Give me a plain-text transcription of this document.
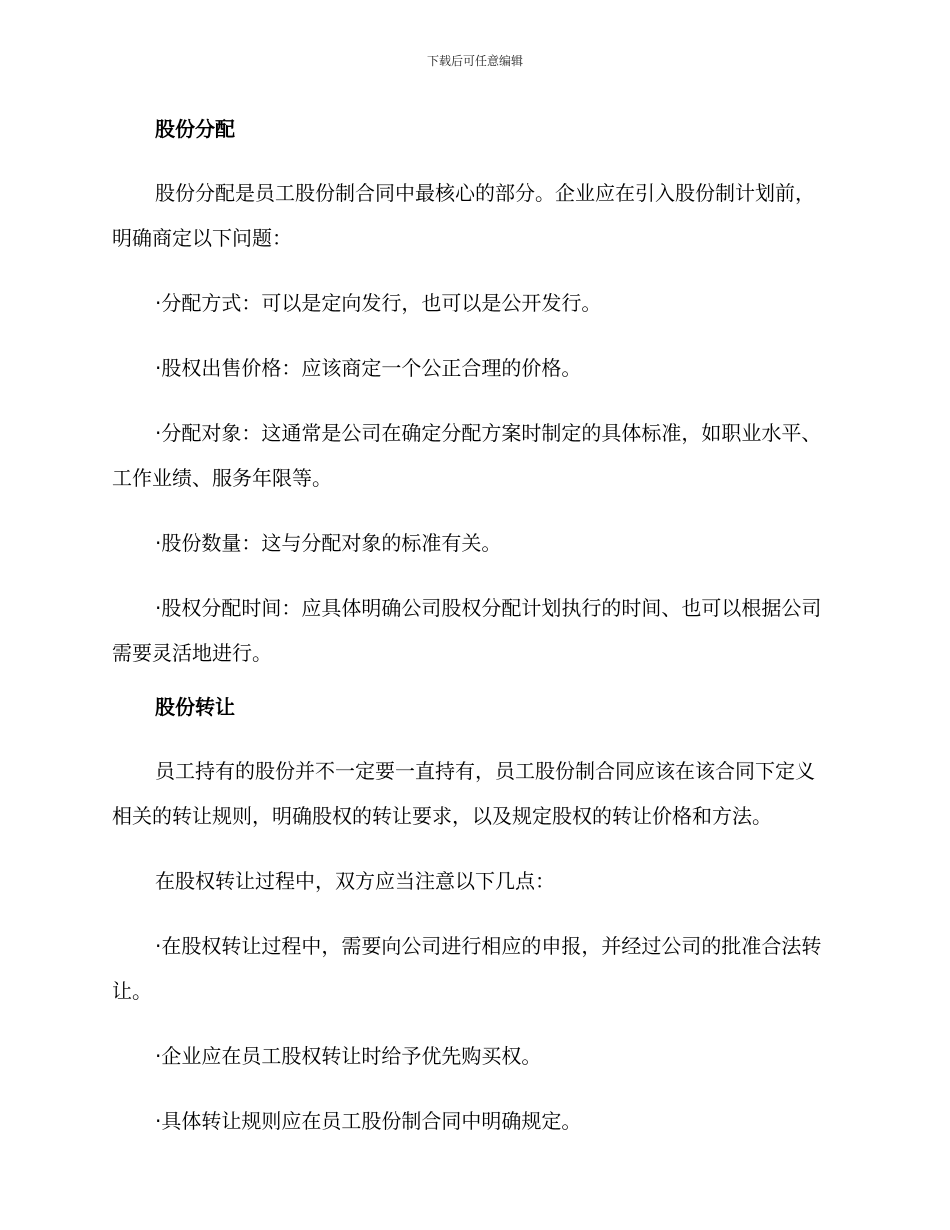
下载后可任意编辑
股份分配

股份分配是员工股份制合同中最核心的部分。企业应在引入股份制计划前，明确商定以下问题：

·分配方式：可以是定向发行，也可以是公开发行。

·股权出售价格：应该商定一个公正合理的价格。

·分配对象：这通常是公司在确定分配方案时制定的具体标准，如职业水平、工作业绩、服务年限等。

·股份数量：这与分配对象的标准有关。

·股权分配时间：应具体明确公司股权分配计划执行的时间、也可以根据公司需要灵活地进行。

股份转让

员工持有的股份并不一定要一直持有，员工股份制合同应该在该合同下定义相关的转让规则，明确股权的转让要求，以及规定股权的转让价格和方法。

在股权转让过程中，双方应当注意以下几点：

·在股权转让过程中，需要向公司进行相应的申报，并经过公司的批准合法转让。

·企业应在员工股权转让时给予优先购买权。

·具体转让规则应在员工股份制合同中明确规定。
